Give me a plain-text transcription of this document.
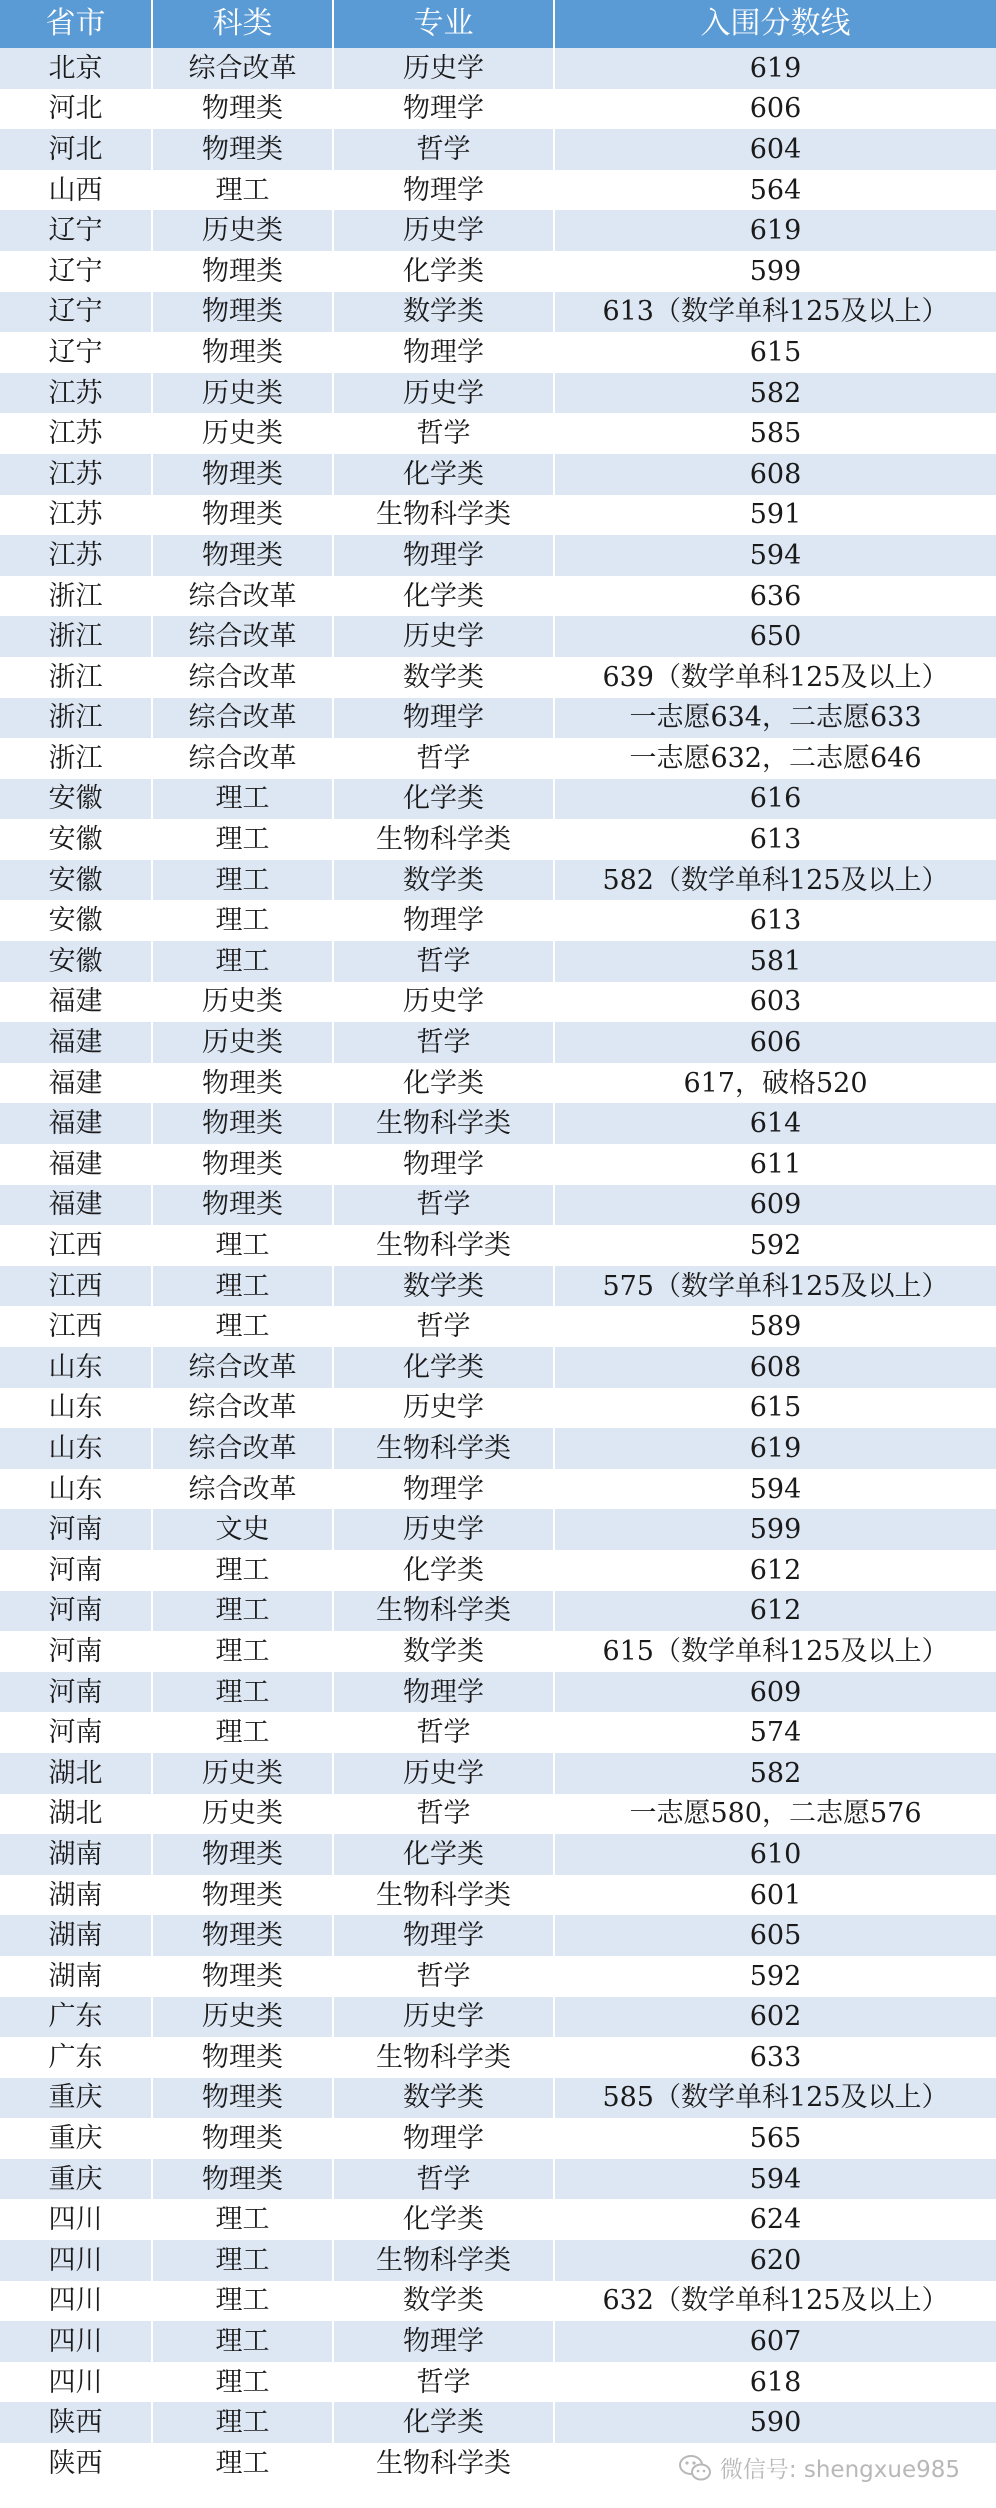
省市	科类	专业	入围分数线
北京	综合改革	历史学	619
河北	物理类	物理学	606
河北	物理类	哲学	604
山西	理工	物理学	564
辽宁	历史类	历史学	619
辽宁	物理类	化学类	599
辽宁	物理类	数学类	613（数学单科125及以上）
辽宁	物理类	物理学	615
江苏	历史类	历史学	582
江苏	历史类	哲学	585
江苏	物理类	化学类	608
江苏	物理类	生物科学类	591
江苏	物理类	物理学	594
浙江	综合改革	化学类	636
浙江	综合改革	历史学	650
浙江	综合改革	数学类	639（数学单科125及以上）
浙江	综合改革	物理学	一志愿634，二志愿633
浙江	综合改革	哲学	一志愿632，二志愿646
安徽	理工	化学类	616
安徽	理工	生物科学类	613
安徽	理工	数学类	582（数学单科125及以上）
安徽	理工	物理学	613
安徽	理工	哲学	581
福建	历史类	历史学	603
福建	历史类	哲学	606
福建	物理类	化学类	617，破格520
福建	物理类	生物科学类	614
福建	物理类	物理学	611
福建	物理类	哲学	609
江西	理工	生物科学类	592
江西	理工	数学类	575（数学单科125及以上）
江西	理工	哲学	589
山东	综合改革	化学类	608
山东	综合改革	历史学	615
山东	综合改革	生物科学类	619
山东	综合改革	物理学	594
河南	文史	历史学	599
河南	理工	化学类	612
河南	理工	生物科学类	612
河南	理工	数学类	615（数学单科125及以上）
河南	理工	物理学	609
河南	理工	哲学	574
湖北	历史类	历史学	582
湖北	历史类	哲学	一志愿580，二志愿576
湖南	物理类	化学类	610
湖南	物理类	生物科学类	601
湖南	物理类	物理学	605
湖南	物理类	哲学	592
广东	历史类	历史学	602
广东	物理类	生物科学类	633
重庆	物理类	数学类	585（数学单科125及以上）
重庆	物理类	物理学	565
重庆	物理类	哲学	594
四川	理工	化学类	624
四川	理工	生物科学类	620
四川	理工	数学类	632（数学单科125及以上）
四川	理工	物理学	607
四川	理工	哲学	618
陕西	理工	化学类	590
陕西	理工	生物科学类		微信号: shengxue985
